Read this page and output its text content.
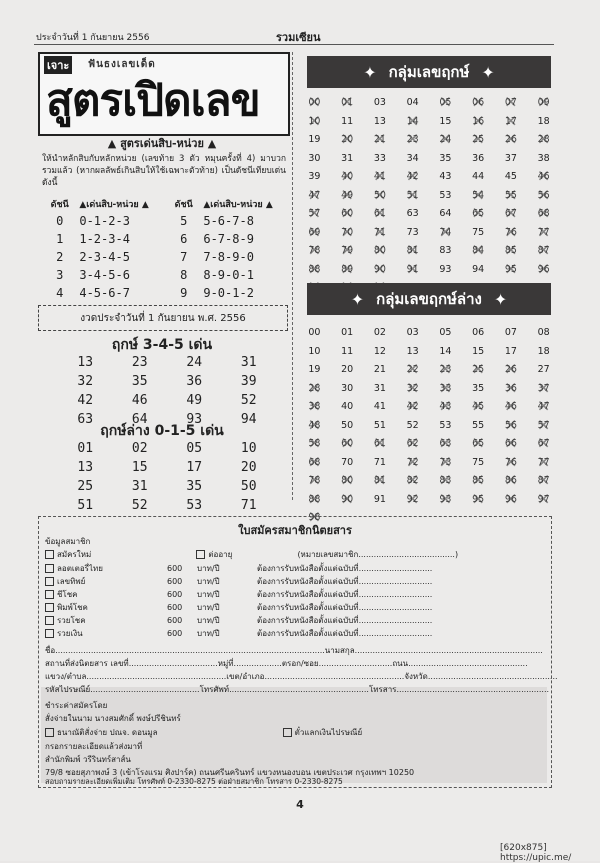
ประจำวันที่ 1 กันยายน 2556	รวมเซียน
เจาะ	ฟันธงเลขเด็ด
สูตรเปิดเลข
▲ สูตรเด่นสิบ-หน่วย ▲
ให้นำหลักสิบกับหลักหน่วย (เลขท้าย 3 ตัว หมุนครั้งที่ 4) มาบวกรวมแล้ว (หากผลลัพธ์เกินสิบให้ใช้เฉพาะตัวท้าย) เป็นดัชนีเทียบเด่นดังนี้
ดัชนี	▲เด่นสิบ-หน่วย ▲	ดัชนี	▲เด่นสิบ-หน่วย ▲
0	0-1-2-3	5	5-6-7-8
1	1-2-3-4	6	6-7-8-9
2	2-3-4-5	7	7-8-9-0
3	3-4-5-6	8	8-9-0-1
4	4-5-6-7	9	9-0-1-2
งวดประจำวันที่ 1 กันยายน พ.ศ. 2556
ฤกษ์ 3-4-5 เด่น
13	23	24	31
32	35	36	39
42	46	49	52
63	64	93	94
ฤกษ์ล่าง 0-1-5 เด่น
01	02	05	10
13	15	17	20
25	31	35	50
51	52	53	71
✦ กลุ่มเลขฤกษ์ ✦
00 ✕	01 ✕	03	04	05 ✕	06 ✕	07 ✕	09 ✕
10 ✕	11	13	14 ✕	15	16 ✕	17 ✕	18
19	20 ✕	21 ✕	23 ✕	24 ✕	25 ✕	26 ✕	28 ✕
30	31	33	34	35	36	37	38
39	40 ✕	41 ✕	42 ✕	43	44	45	46 ✕
47 ✕	49 ✕	50 ✕	51 ✕	53	54 ✕	55 ✕	56 ✕
57 ✕	60 ✕	61 ✕	63	64	65 ✕	67 ✕	68 ✕
69 ✕	70 ✕	71 ✕	73	74 ✕	75	76 ✕	77 ✕
78 ✕	79 ✕	80 ✕	81 ✕	83	84 ✕	85 ✕	87 ✕
88 ✕	89 ✕	90 ✕	91 ✕	93	94	95 ✕	96 ✕
✕
✕
✕
✦ กลุ่มเลขฤกษ์ล่าง ✦
00	01	02	03	05	06	07	08
10	11	12	13	14	15	17	18
19	20	21	22 ✕	23 ✕	25 ✕	26 ✕	27
28 ✕	30	31	32 ✕	33 ✕	35	36 ✕	37 ✕
38 ✕	40	41	42 ✕	43 ✕	45 ✕	46 ✕	47 ✕
48 ✕	50	51	52	53	55	56 ✕	57 ✕
58 ✕	60 ✕	61 ✕	62 ✕	63 ✕	65 ✕	66 ✕	67 ✕
68 ✕	70	71	72 ✕	73 ✕	75	76 ✕	77 ✕
78 ✕	80 ✕	81 ✕	82 ✕	83 ✕	85 ✕	86 ✕	87 ✕
88 ✕	90 ✕	91	92 ✕	93 ✕	95 ✕	96 ✕	97 ✕
98 ✕
ใบสมัครสมาชิกนิตยสาร
ข้อมูลสมาชิก
สมัครใหม่	ต่ออายุ	(หมายเลขสมาชิก......................................)
ลอตเตอรี่ไทย	600 บาท/ปี	ต้องการรับหนังสือตั้งแต่ฉบับที่.............................
เลขทิพย์	600 บาท/ปี	ต้องการรับหนังสือตั้งแต่ฉบับที่.............................
ชีโชค	600 บาท/ปี	ต้องการรับหนังสือตั้งแต่ฉบับที่.............................
พิมพ์โชค	600 บาท/ปี	ต้องการรับหนังสือตั้งแต่ฉบับที่.............................
รวยโชค	600 บาท/ปี	ต้องการรับหนังสือตั้งแต่ฉบับที่.............................
รวยเงิน	600 บาท/ปี	ต้องการรับหนังสือตั้งแต่ฉบับที่.............................
ชื่อ..........................................................................................................นามสกุล..........................................................................
สถานที่ส่งนิตยสาร เลขที่...................................หมู่ที่...................ตรอก/ซอย.............................ถนน...............................................
แขวง/ตำบล.......................................................เขต/อำเภอ.......................................................จังหวัด...................................................
รหัสไปรษณีย์...........................................โทรศัพท์.......................................................โทรสาร............................................................
ชำระค่าสมัครโดย
สั่งจ่ายในนาม นางสมศักดิ์ พงษ์ปรีชินทร์
ธนาณัติสั่งจ่าย ปณจ. ดอนมูล	ตั๋วแลกเงินไปรษณีย์
กรอกรายละเอียดแล้วส่งมาที่
สำนักพิมพ์ วรีรินทร์สาส์น
79/8 ซอยสุภาพงษ์ 3 (เข้าโรงแรม ศิงปาร์ค) ถนนศรีนครินทร์ แขวงหนองบอน เขตประเวศ กรุงเทพฯ 10250
สอบถามรายละเอียดเพิ่มเติม โทรศัพท์ 0-2330-8275 ต่อฝ่ายสมาชิก โทรสาร 0-2330-8275
4
[620x875] https://upic.me/
